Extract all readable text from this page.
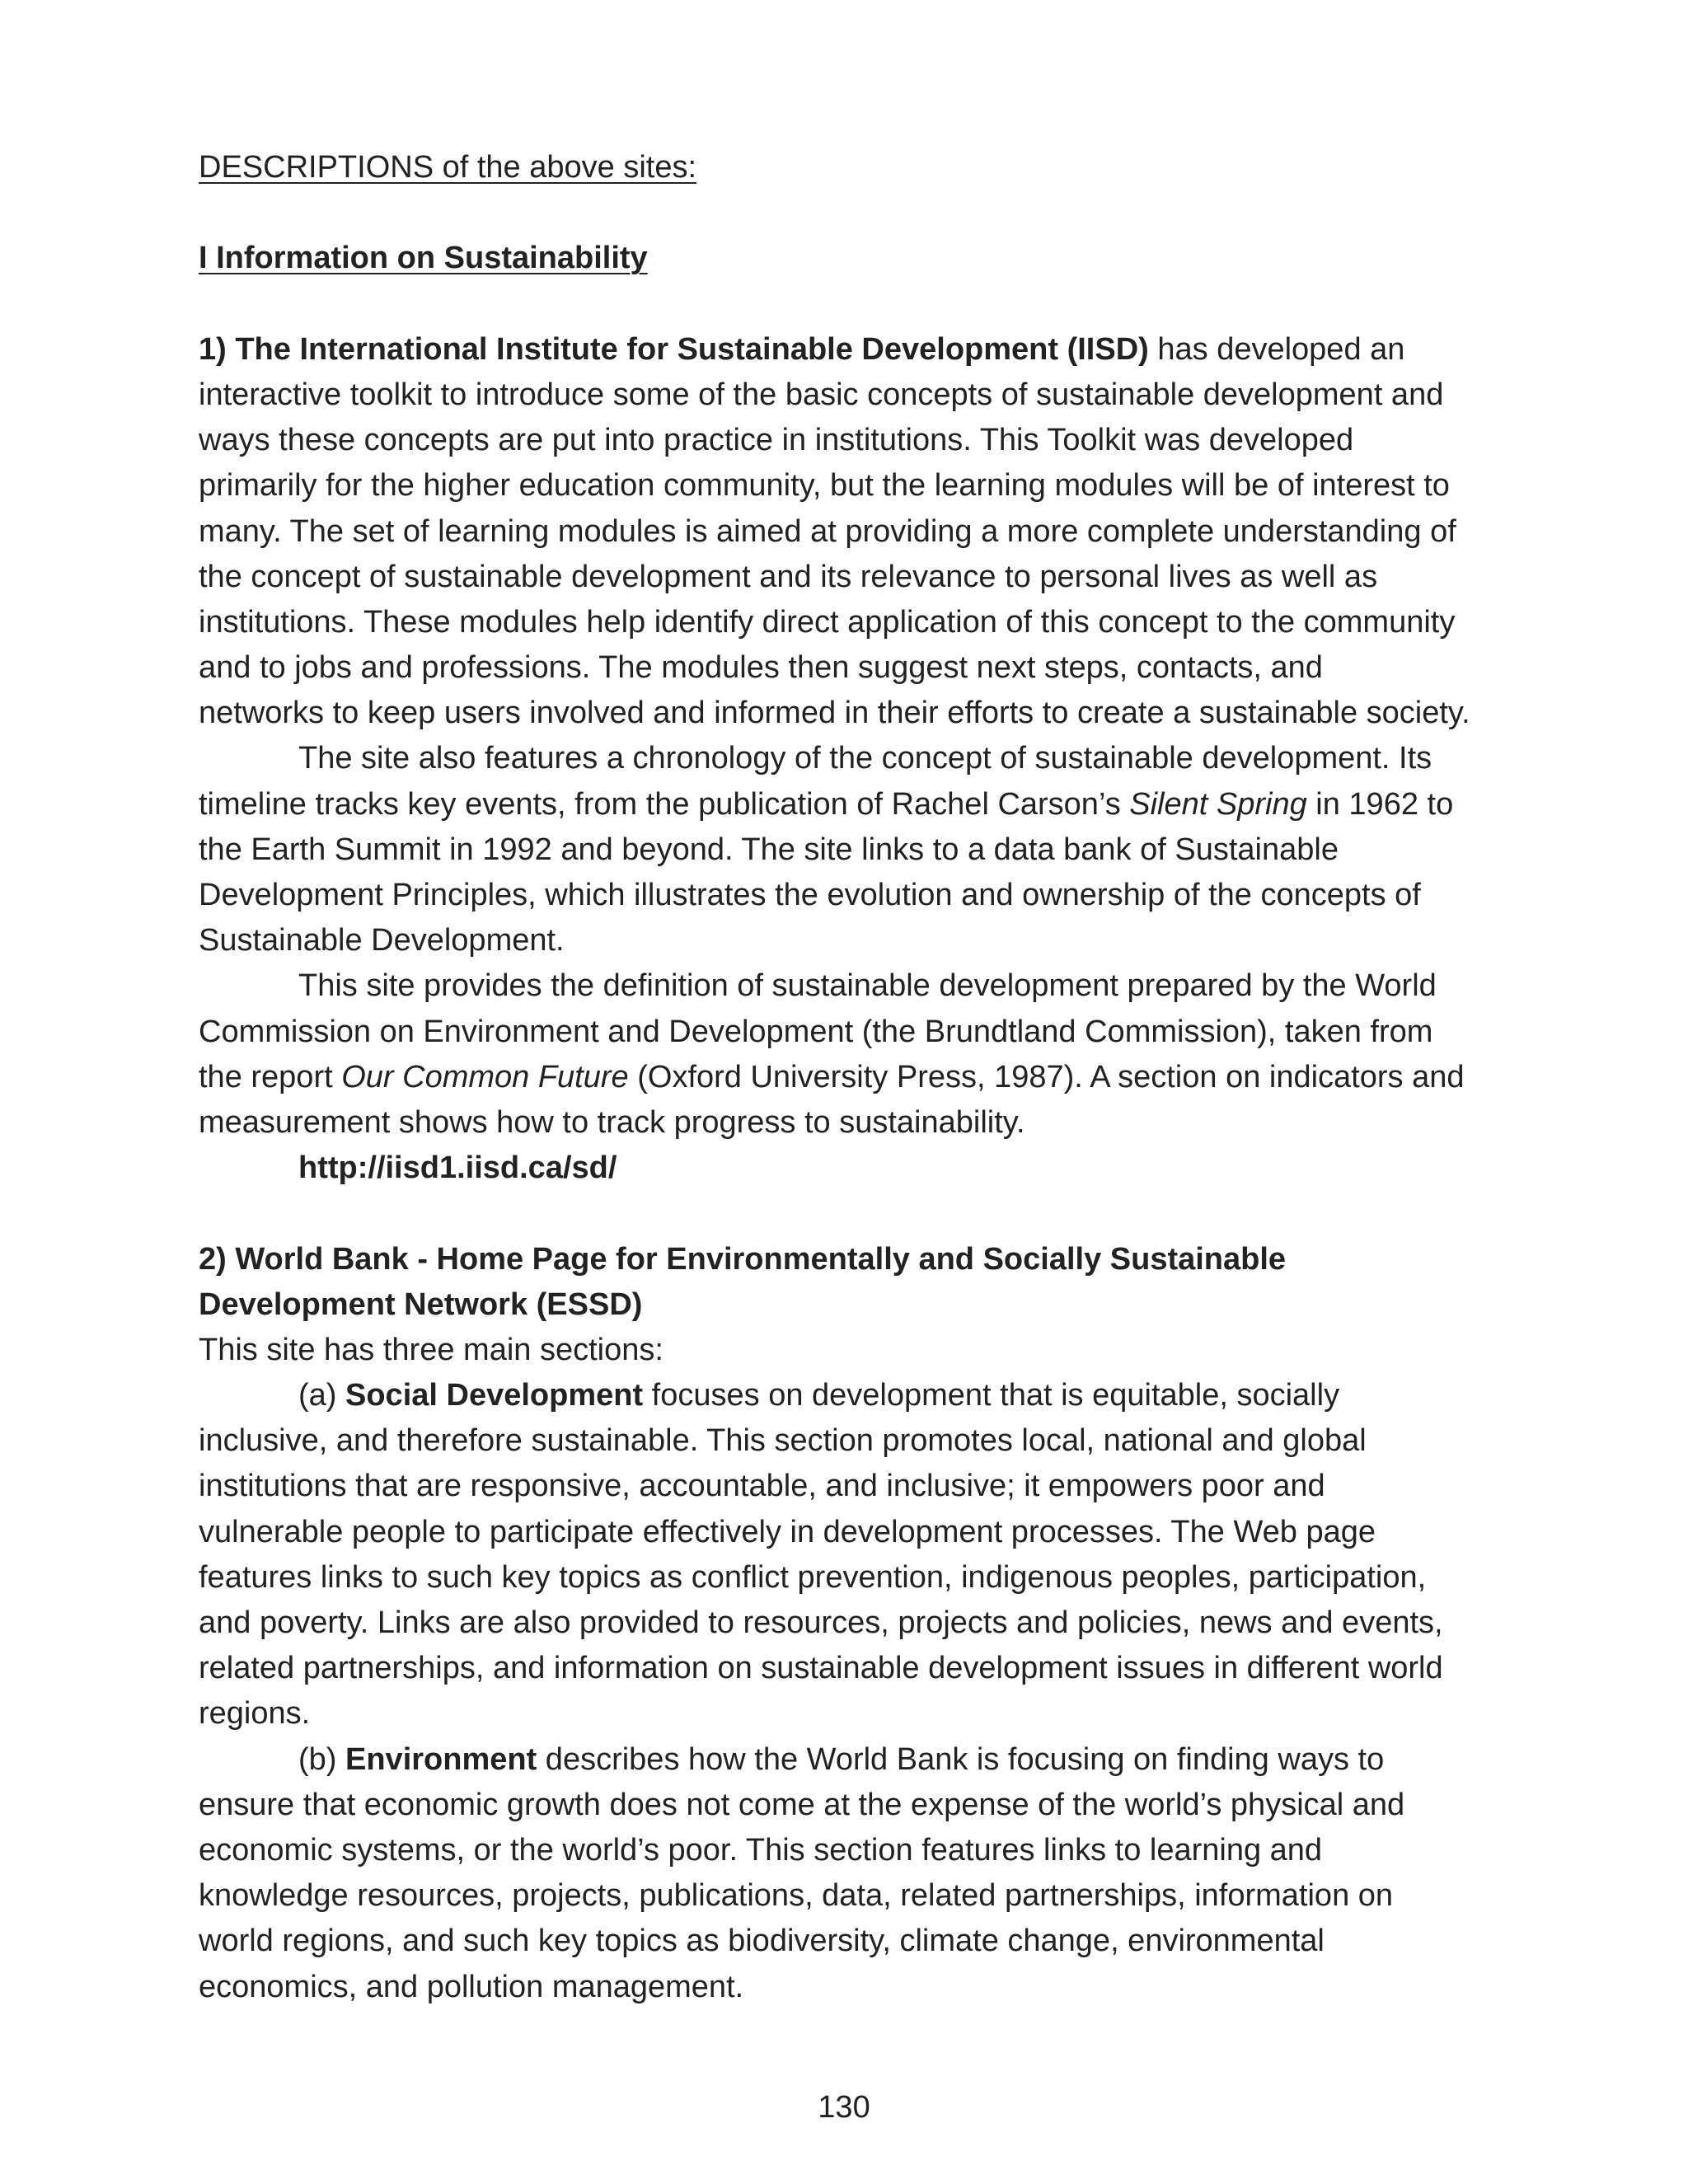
DESCRIPTIONS of the above sites:
I Information on Sustainability
1) The International Institute for Sustainable Development (IISD) has developed an
interactive toolkit to introduce some of the basic concepts of sustainable development and
ways these concepts are put into practice in institutions. This Toolkit was developed
primarily for the higher education community, but the learning modules will be of interest to
many. The set of learning modules is aimed at providing a more complete understanding of
the concept of sustainable development and its relevance to personal lives as well as
institutions. These modules help identify direct application of this concept to the community
and to jobs and professions. The modules then suggest next steps, contacts, and
networks to keep users involved and informed in their efforts to create a sustainable society.
The site also features a chronology of the concept of sustainable development. Its
timeline tracks key events, from the publication of Rachel Carson’s Silent Spring in 1962 to
the Earth Summit in 1992 and beyond. The site links to a data bank of Sustainable
Development Principles, which illustrates the evolution and ownership of the concepts of
Sustainable Development.
This site provides the definition of sustainable development prepared by the World
Commission on Environment and Development (the Brundtland Commission), taken from
the report Our Common Future (Oxford University Press, 1987). A section on indicators and
measurement shows how to track progress to sustainability.
http://iisd1.iisd.ca/sd/
2) World Bank - Home Page for Environmentally and Socially Sustainable
Development Network (ESSD)
This site has three main sections:
(a) Social Development focuses on development that is equitable, socially
inclusive, and therefore sustainable. This section promotes local, national and global
institutions that are responsive, accountable, and inclusive; it empowers poor and
vulnerable people to participate effectively in development processes. The Web page
features links to such key topics as conflict prevention, indigenous peoples, participation,
and poverty. Links are also provided to resources, projects and policies, news and events,
related partnerships, and information on sustainable development issues in different world
regions.
(b) Environment describes how the World Bank is focusing on finding ways to
ensure that economic growth does not come at the expense of the world’s physical and
economic systems, or the world’s poor. This section features links to learning and
knowledge resources, projects, publications, data, related partnerships, information on
world regions, and such key topics as biodiversity, climate change, environmental
economics, and pollution management.
130
